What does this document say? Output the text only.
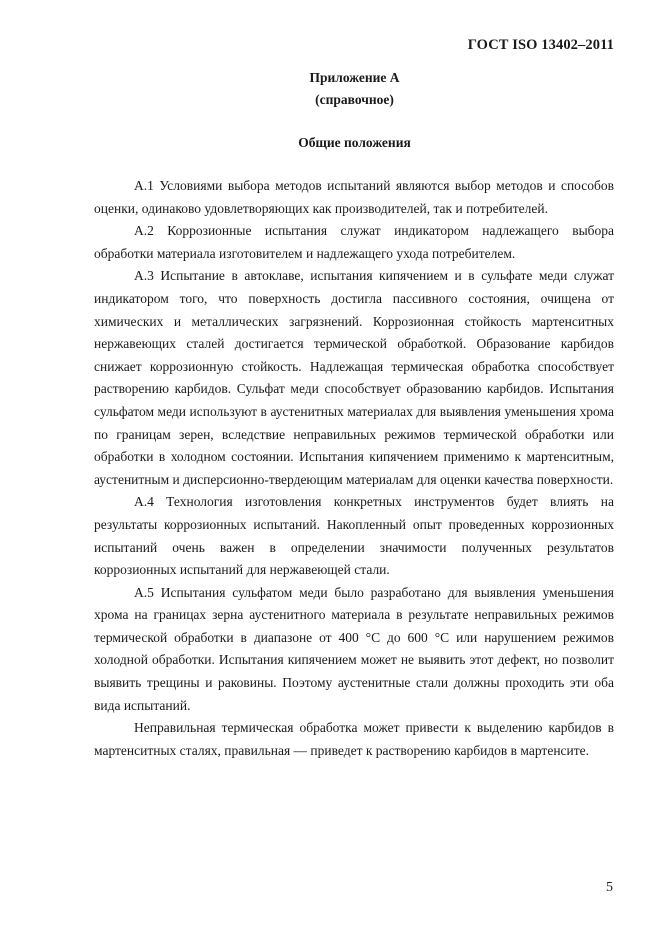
ГОСТ ISO 13402–2011
Приложение А
(справочное)
Общие положения

А.1 Условиями выбора методов испытаний являются выбор методов и способов оценки, одинаково удовлетворяющих как производителей, так и потребителей.

А.2 Коррозионные испытания служат индикатором надлежащего выбора обработки материала изготовителем и надлежащего ухода потребителем.

А.3 Испытание в автоклаве, испытания кипячением и в сульфате меди служат индикатором того, что поверхность достигла пассивного состояния, очищена от химических и металлических загрязнений. Коррозионная стойкость мартенситных нержавеющих сталей достигается термической обработкой. Образование карбидов снижает коррозионную стойкость. Надлежащая термическая обработка способствует растворению карбидов. Сульфат меди способствует образованию карбидов. Испытания сульфатом меди используют в аустенитных материалах для выявления уменьшения хрома по границам зерен, вследствие неправильных режимов термической обработки или обработки в холодном состоянии. Испытания кипячением применимо к мартенситным, аустенитным и дисперсионно-твердеющим материалам для оценки качества поверхности.

А.4 Технология изготовления конкретных инструментов будет влиять на результаты коррозионных испытаний. Накопленный опыт проведенных коррозионных испытаний очень важен в определении значимости полученных результатов коррозионных испытаний для нержавеющей стали.

А.5 Испытания сульфатом меди было разработано для выявления уменьшения хрома на границах зерна аустенитного материала в результате неправильных режимов термической обработки в диапазоне от 400 °С до 600 °С или нарушением режимов холодной обработки. Испытания кипячением может не выявить этот дефект, но позволит выявить трещины и раковины. Поэтому аустенитные стали должны проходить эти оба вида испытаний.

Неправильная термическая обработка может привести к выделению карбидов в мартенситных сталях, правильная — приведет к растворению карбидов в мартенсите.

5
